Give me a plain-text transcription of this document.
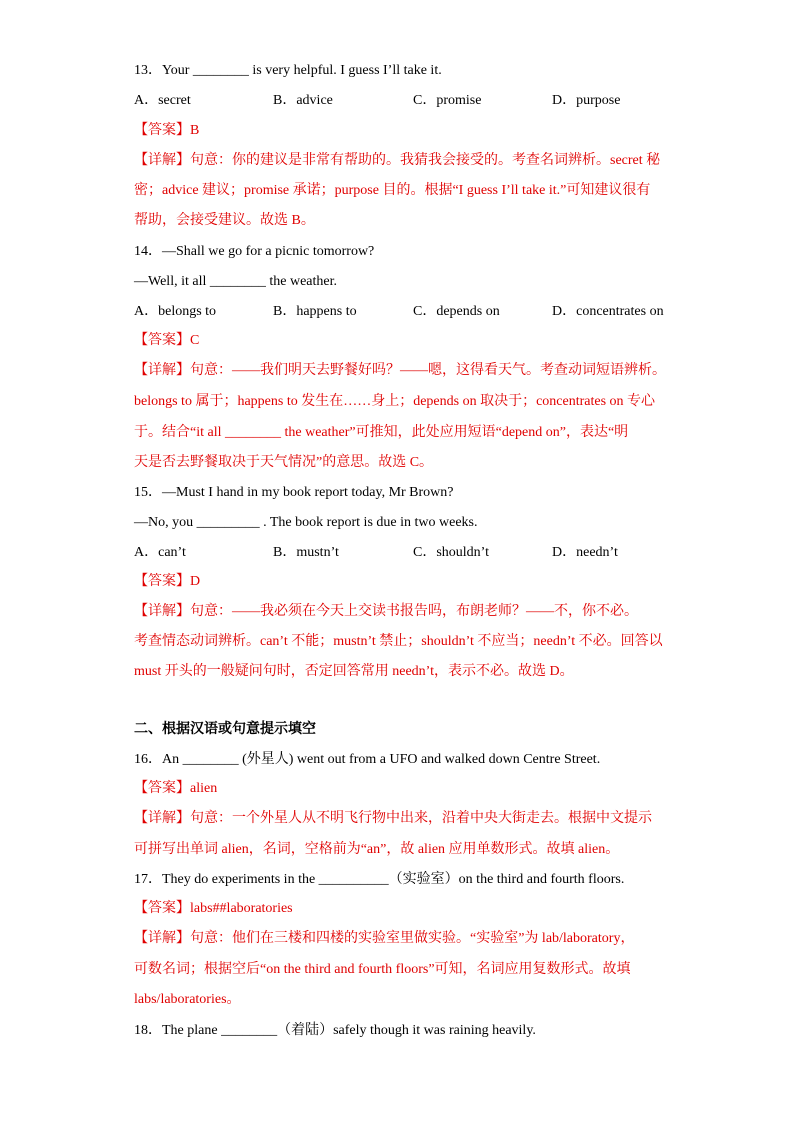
13．Your ________ is very helpful. I guess I’ll take it.
A．secret	B．advice	C．promise	D．purpose
【答案】B
【详解】句意：你的建议是非常有帮助的。我猜我会接受的。考查名词辨析。secret 秘
密；advice 建议；promise 承诺；purpose 目的。根据“I guess I’ll take it.”可知建议很有
帮助，会接受建议。故选 B。
14．—Shall we go for a picnic tomorrow?
—Well, it all ________ the weather.
A．belongs to	B．happens to	C．depends on	D．concentrates on
【答案】C
【详解】句意：——我们明天去野餐好吗？——嗯，这得看天气。考查动词短语辨析。
belongs to 属于；happens to 发生在……身上；depends on 取决于；concentrates on 专心
于。结合“it all ________ the weather”可推知，此处应用短语“depend on”，表达“明
天是否去野餐取决于天气情况”的意思。故选 C。
15．—Must I hand in my book report today, Mr Brown?
—No, you _________ . The book report is due in two weeks.
A．can’t	B．mustn’t	C．shouldn’t	D．needn’t
【答案】D
【详解】句意：——我必须在今天上交读书报告吗，布朗老师？——不，你不必。
考查情态动词辨析。can’t 不能；mustn’t 禁止；shouldn’t 不应当；needn’t 不必。回答以
must 开头的一般疑问句时，否定回答常用 needn’t，表示不必。故选 D。
二、根据汉语或句意提示填空
16．An ________ (外星人) went out from a UFO and walked down Centre Street.
【答案】alien
【详解】句意：一个外星人从不明飞行物中出来，沿着中央大街走去。根据中文提示
可拼写出单词 alien，名词，空格前为“an”，故 alien 应用单数形式。故填 alien。
17．They do experiments in the __________（实验室）on the third and fourth floors.
【答案】labs##laboratories
【详解】句意：他们在三楼和四楼的实验室里做实验。“实验室”为 lab/laboratory，
可数名词；根据空后“on the third and fourth floors”可知，名词应用复数形式。故填
labs/laboratories。
18．The plane ________（着陆）safely though it was raining heavily.
